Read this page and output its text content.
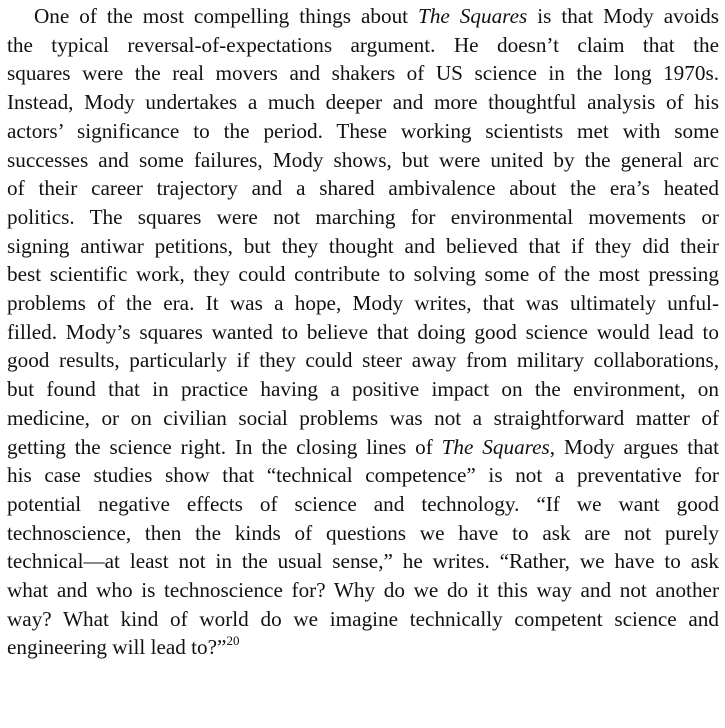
One of the most compelling things about The Squares is that Mody avoids
the typical reversal-of-expectations argument. He doesn’t claim that the
squares were the real movers and shakers of US science in the long 1970s.
Instead, Mody undertakes a much deeper and more thoughtful analysis of his
actors’ significance to the period. These working scientists met with some
successes and some failures, Mody shows, but were united by the general arc
of their career trajectory and a shared ambivalence about the era’s heated
politics. The squares were not marching for environmental movements or
signing antiwar petitions, but they thought and believed that if they did their
best scientific work, they could contribute to solving some of the most pressing
problems of the era. It was a hope, Mody writes, that was ultimately unful-
filled. Mody’s squares wanted to believe that doing good science would lead to
good results, particularly if they could steer away from military collaborations,
but found that in practice having a positive impact on the environment, on
medicine, or on civilian social problems was not a straightforward matter of
getting the science right. In the closing lines of The Squares, Mody argues that
his case studies show that “technical competence” is not a preventative for
potential negative effects of science and technology. “If we want good
technoscience, then the kinds of questions we have to ask are not purely
technical—at least not in the usual sense,” he writes. “Rather, we have to ask
what and who is technoscience for? Why do we do it this way and not another
way? What kind of world do we imagine technically competent science and
engineering will lead to?”$^{20}$
